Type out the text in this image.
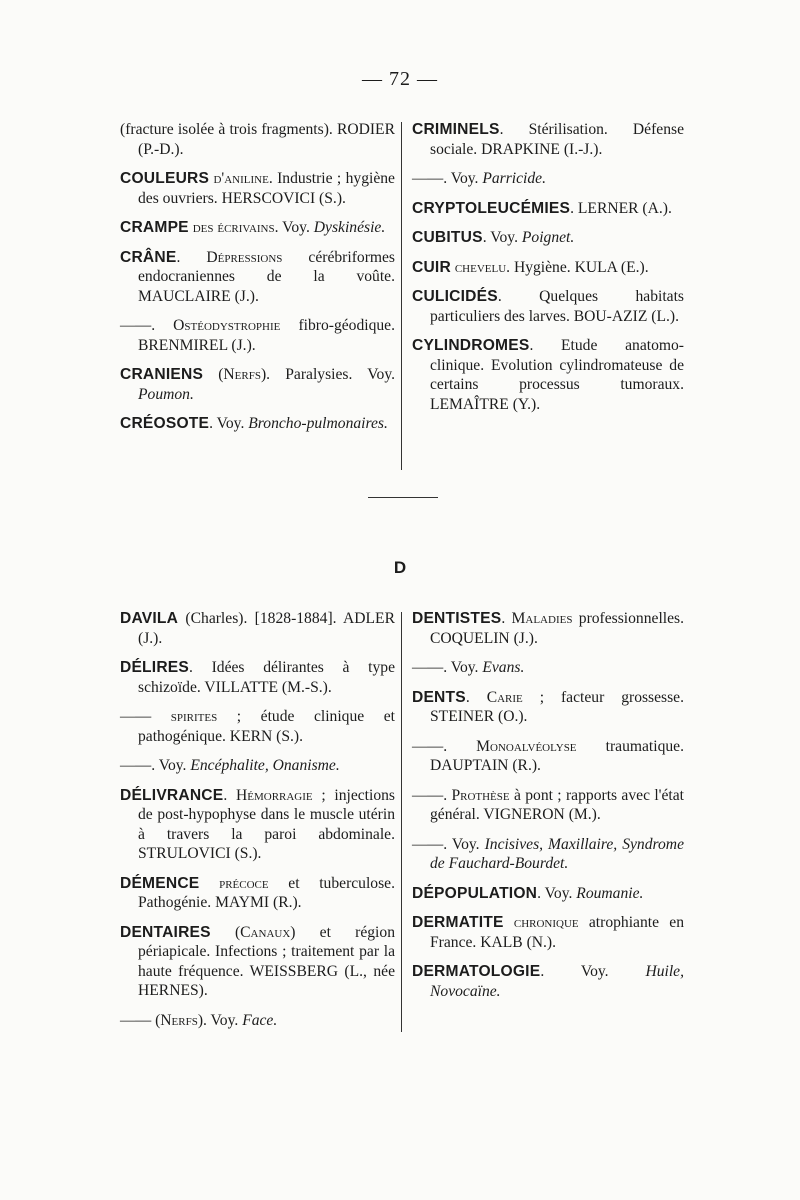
— 72 —

(fracture isolée à trois fragments). RODIER (P.-D.).

COULEURS d'aniline. Industrie ; hygiène des ouvriers. HERSCOVICI (S.).

CRAMPE des écrivains. Voy. Dyskinésie.

CRÂNE. Dépressions cérébriformes endocraniennes de la voûte. MAUCLAIRE (J.).

——. Ostéodystrophie fibro-géodique. BRENMIREL (J.).

CRANIENS (Nerfs). Paralysies. Voy. Poumon.

CRÉOSOTE. Voy. Broncho-pulmonaires.

CRIMINELS. Stérilisation. Défense sociale. DRAPKINE (I.-J.).

——. Voy. Parricide.

CRYPTOLEUCÉMIES. LERNER (A.).

CUBITUS. Voy. Poignet.

CUIR chevelu. Hygiène. KULA (E.).

CULICIDÉS. Quelques habitats particuliers des larves. BOU-AZIZ (L.).

CYLINDROMES. Etude anatomo-clinique. Evolution cylindromateuse de certains processus tumoraux. LEMAÎTRE (Y.).

D

DAVILA (Charles). [1828-1884]. ADLER (J.).

DÉLIRES. Idées délirantes à type schizoïde. VILLATTE (M.-S.).

—— spirites ; étude clinique et pathogénique. KERN (S.).

——. Voy. Encéphalite, Onanisme.

DÉLIVRANCE. Hémorragie ; injections de post-hypophyse dans le muscle utérin à travers la paroi abdominale. STRULOVICI (S.).

DÉMENCE précoce et tuberculose. Pathogénie. MAYMI (R.).

DENTAIRES (Canaux) et région périapicale. Infections ; traitement par la haute fréquence. WEISSBERG (L., née HERNES).

—— (Nerfs). Voy. Face.

DENTISTES. Maladies professionnelles. COQUELIN (J.).

——. Voy. Evans.

DENTS. Carie ; facteur grossesse. STEINER (O.).

——. Monoalvéolyse traumatique. DAUPTAIN (R.).

——. Prothèse à pont ; rapports avec l'état général. VIGNERON (M.).

——. Voy. Incisives, Maxillaire, Syndrome de Fauchard-Bourdet.

DÉPOPULATION. Voy. Roumanie.

DERMATITE chronique atrophiante en France. KALB (N.).

DERMATOLOGIE. Voy. Huile, Novocaïne.
